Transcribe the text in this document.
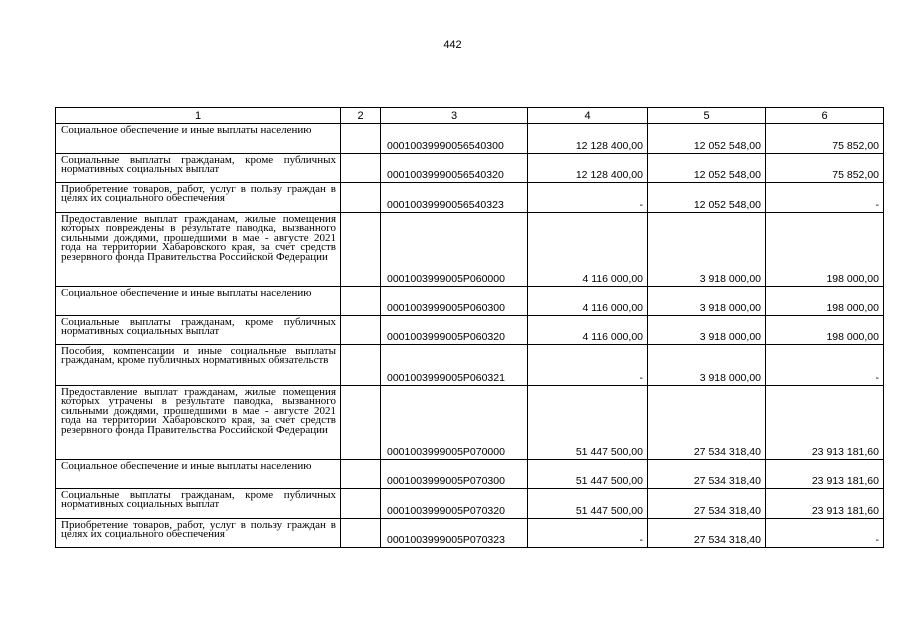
442
1	2	3	4	5	6
Социальное обеспечение и иные выплаты населению		00010039990056540300	12 128 400,00	12 052 548,00	75 852,00
Социальные выплаты гражданам, кроме публичных нормативных социальных выплат		00010039990056540320	12 128 400,00	12 052 548,00	75 852,00
Приобретение товаров, работ, услуг в пользу граждан в целях их социального обеспечения		00010039990056540323	-	12 052 548,00	-
Предоставление выплат гражданам, жилые помещения которых повреждены в результате паводка, вызванного сильными дождями, прошедшими в мае - августе 2021 года на территории Хабаровского края, за счет средств резервного фонда Правительства Российской Федерации		0001003999005P060000	4 116 000,00	3 918 000,00	198 000,00
Социальное обеспечение и иные выплаты населению		0001003999005P060300	4 116 000,00	3 918 000,00	198 000,00
Социальные выплаты гражданам, кроме публичных нормативных социальных выплат		0001003999005P060320	4 116 000,00	3 918 000,00	198 000,00
Пособия, компенсации и иные социальные выплаты гражданам, кроме публичных нормативных обязательств		0001003999005P060321	-	3 918 000,00	-
Предоставление выплат гражданам, жилые помещения которых утрачены в результате паводка, вызванного сильными дождями, прошедшими в мае - августе 2021 года на территории Хабаровского края, за счет средств резервного фонда Правительства Российской Федерации		0001003999005P070000	51 447 500,00	27 534 318,40	23 913 181,60
Социальное обеспечение и иные выплаты населению		0001003999005P070300	51 447 500,00	27 534 318,40	23 913 181,60
Социальные выплаты гражданам, кроме публичных нормативных социальных выплат		0001003999005P070320	51 447 500,00	27 534 318,40	23 913 181,60
Приобретение товаров, работ, услуг в пользу граждан в целях их социального обеспечения		0001003999005P070323	-	27 534 318,40	-
